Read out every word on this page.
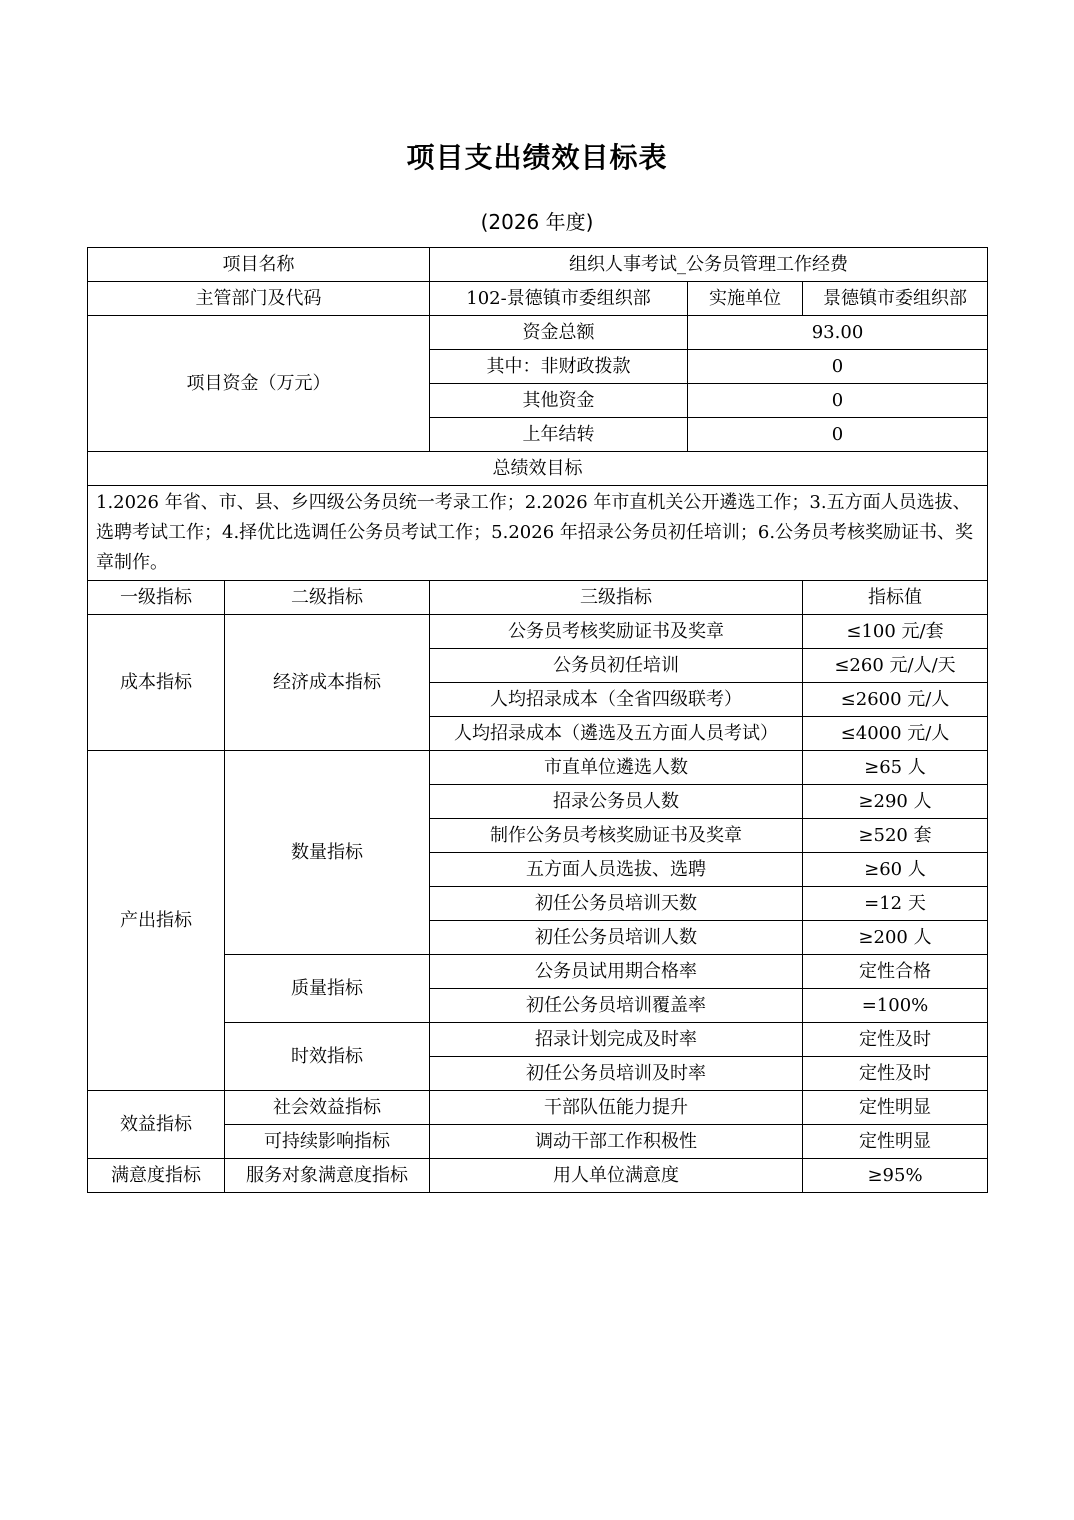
项目支出绩效目标表
(2026 年度)
项目名称		组织人事考试_公务员管理工作经费		
主管部门及代码		102-景德镇市委组织部	实施单位	景德镇市委组织部
项目资金（万元）		资金总额	93.00	
		其中：非财政拨款	0	
		其他资金	0	
		上年结转	0	
总绩效目标				
1.2026 年省、市、县、乡四级公务员统一考录工作；2.2026 年市直机关公开遴选工作；3.五方面人员选拔、选聘考试工作；4.择优比选调任公务员考试工作；5.2026 年招录公务员初任培训；6.公务员考核奖励证书、奖章制作。				
一级指标	二级指标	三级指标		指标值
成本指标	经济成本指标	公务员考核奖励证书及奖章		≤100 元/套
		公务员初任培训		≤260 元/人/天
		人均招录成本（全省四级联考）		≤2600 元/人
		人均招录成本（遴选及五方面人员考试）		≤4000 元/人
产出指标	数量指标	市直单位遴选人数		≥65 人
		招录公务员人数		≥290 人
		制作公务员考核奖励证书及奖章		≥520 套
		五方面人员选拔、选聘		≥60 人
		初任公务员培训天数		=12 天
		初任公务员培训人数		≥200 人
	质量指标	公务员试用期合格率		定性合格
		初任公务员培训覆盖率		=100%
	时效指标	招录计划完成及时率		定性及时
		初任公务员培训及时率		定性及时
效益指标	社会效益指标	干部队伍能力提升		定性明显
	可持续影响指标	调动干部工作积极性		定性明显
满意度指标	服务对象满意度指标	用人单位满意度		≥95%
